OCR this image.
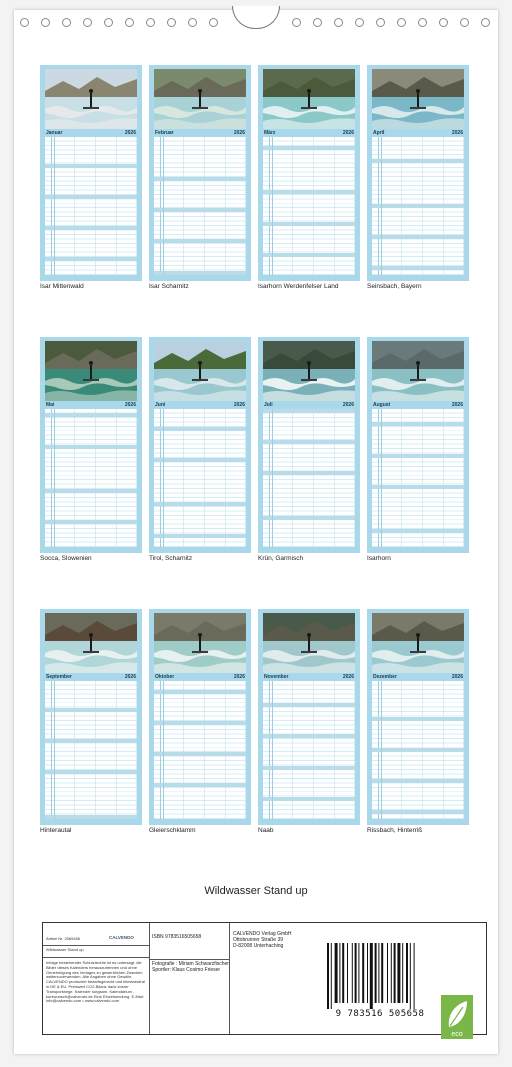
Januar	2026
Isar Mittenwald
Februar	2026
Isar Scharnitz
März	2026
Isarhorn Werdenfelser Land
April	2026
Seinsbach, Bayern
Mai	2026
Socca, Slowenien
Juni	2026
Tirol, Scharnitz
Juli	2026
Krün, Garmisch
August	2026
Isarhorn
September	2026
Hinterautal
Oktober	2026
Gleierschklamm
November	2026
Naab
Dezember	2026
Rissbach, Hinterriß
Wildwasser Stand up
Artikel Nr. 2569456	CALVENDO
Wildwasser Stand up
Infolge bestehender Schutzrechte ist es untersagt, die Bilder dieses Kalenders herauszutrennen und ohne Genehmigung des Verlages zu gewerblichen Zwecken weiterzuverwenden. Alle Angaben ohne Gewähr. CALVENDO produziert bedarfsgerecht und klimaneutral in DE & EU. Preiswert CO2-Bilanz dank kurzer Transportwege. Kalender sorgsam. Kalendarium - kurzwunsch@calvendo.de Eine Einzelsendung. E-Mail: info@calvendo.com • www.calvendo.com
ISBN 9783516505658
Fotografie : Miriam Schwarzfischer
Sportler: Klaus Cosimo Frieser
CALVENDO Verlag GmbH
Ottobrunner Straße 39
D-82008 Unterhaching
9 783516 505658
eco
